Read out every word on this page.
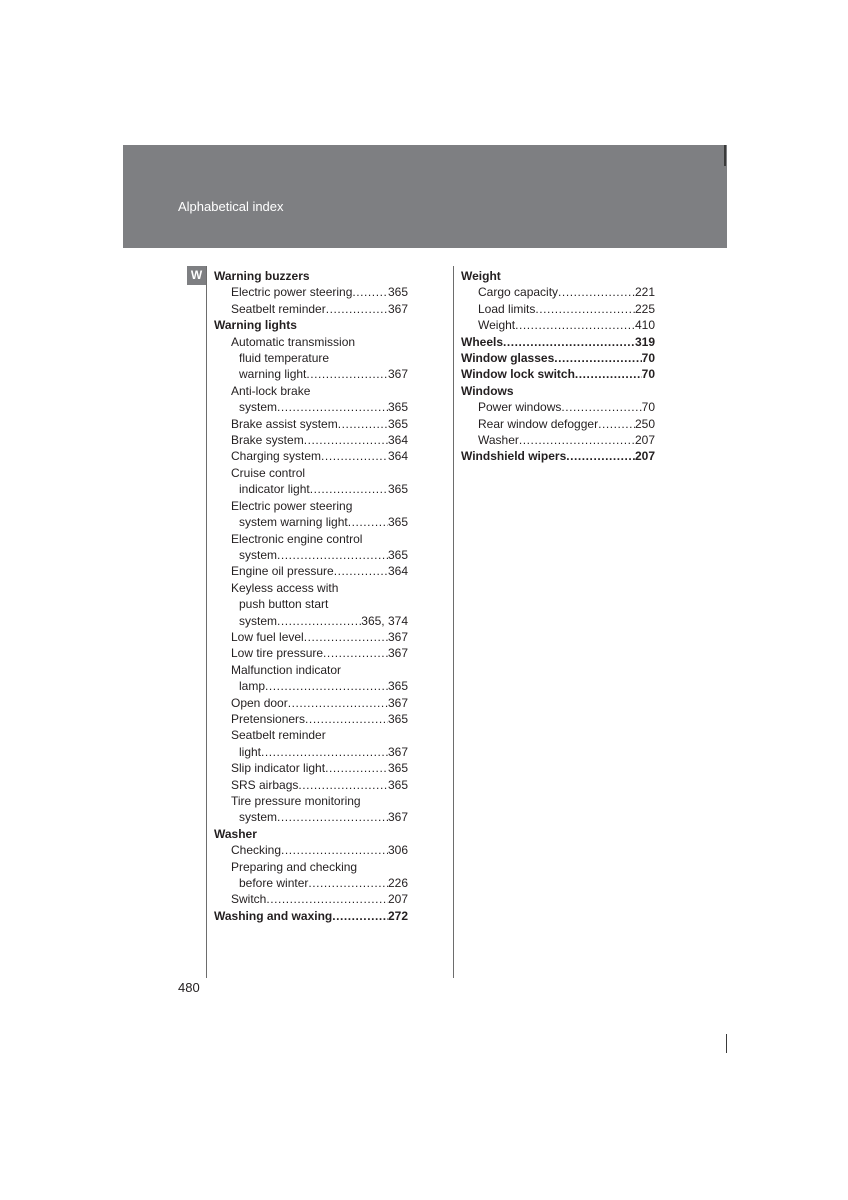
Alphabetical index
W Warning buzzers
Electric power steering .....	365
Seatbelt reminder .....	367
Warning lights
Automatic transmission
fluid temperature
warning light .....	367
Anti-lock brake
system .....	365
Brake assist system .....	365
Brake system .....	364
Charging system .....	364
Cruise control
indicator light .....	365
Electric power steering
system warning light .....	365
Electronic engine control
system .....	365
Engine oil pressure .....	364
Keyless access with
push button start
system .....	365, 374
Low fuel level .....	367
Low tire pressure .....	367
Malfunction indicator
lamp .....	365
Open door .....	367
Pretensioners .....	365
Seatbelt reminder
light .....	367
Slip indicator light .....	365
SRS airbags .....	365
Tire pressure monitoring
system .....	367
Washer
Checking .....	306
Preparing and checking
before winter .....	226
Switch .....	207
Washing and waxing .....	272
Weight
Cargo capacity .....	221
Load limits .....	225
Weight .....	410
Wheels .....	319
Window glasses .....	70
Window lock switch .....	70
Windows
Power windows .....	70
Rear window defogger .....	250
Washer .....	207
Windshield wipers .....	207
480
